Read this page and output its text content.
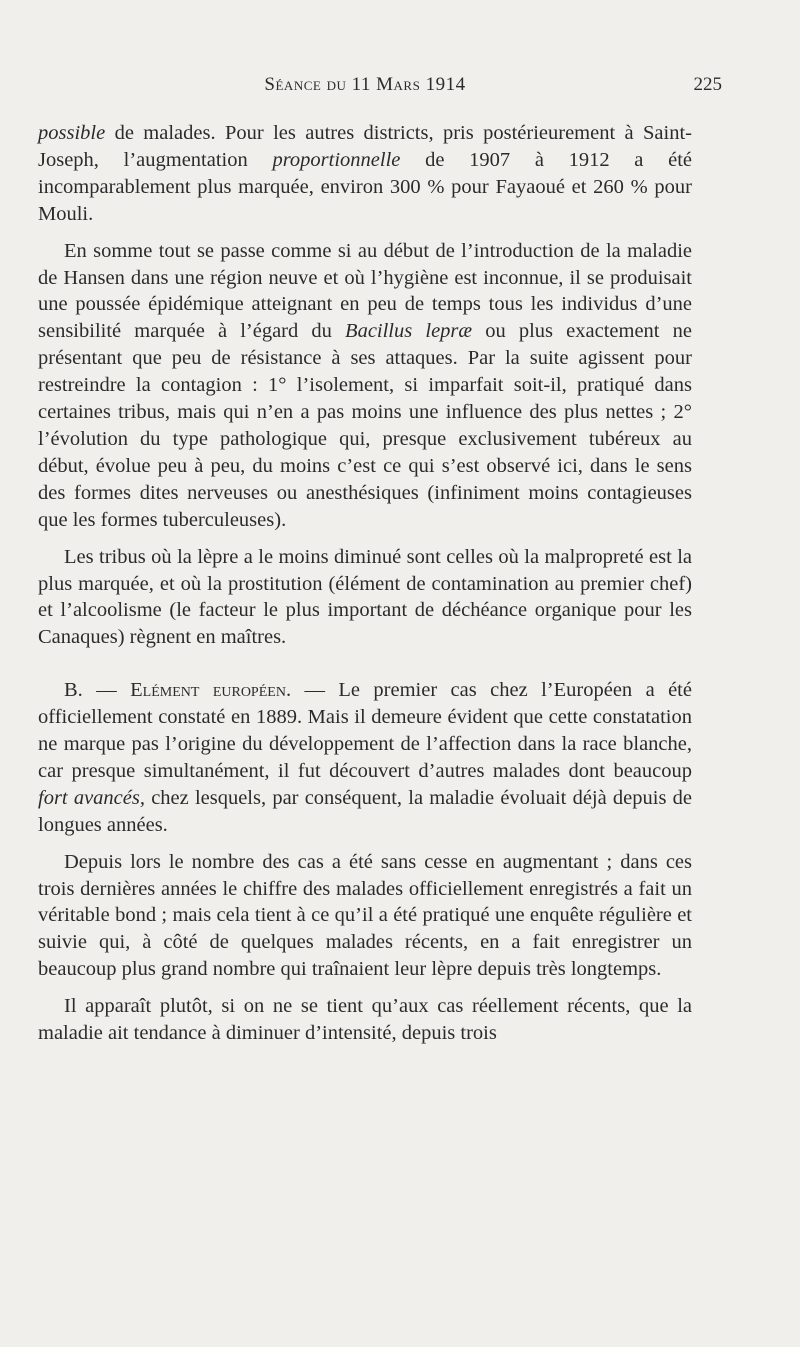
Séance du 11 Mars 1914	225

possible de malades. Pour les autres districts, pris postérieurement à Saint-Joseph, l’augmentation proportionnelle de 1907 à 1912 a été incomparablement plus marquée, environ 300 % pour Fayaoué et 260 % pour Mouli.

En somme tout se passe comme si au début de l’introduction de la maladie de Hansen dans une région neuve et où l’hygiène est inconnue, il se produisait une poussée épidémique atteignant en peu de temps tous les individus d’une sensibilité marquée à l’égard du Bacillus lepræ ou plus exactement ne présentant que peu de résistance à ses attaques. Par la suite agissent pour restreindre la contagion : 1° l’isolement, si imparfait soit-il, pratiqué dans certaines tribus, mais qui n’en a pas moins une influence des plus nettes ; 2° l’évolution du type pathologique qui, presque exclusivement tubéreux au début, évolue peu à peu, du moins c’est ce qui s’est observé ici, dans le sens des formes dites nerveuses ou anesthésiques (infiniment moins contagieuses que les formes tuberculeuses).

Les tribus où la lèpre a le moins diminué sont celles où la malpropreté est la plus marquée, et où la prostitution (élément de contamination au premier chef) et l’alcoolisme (le facteur le plus important de déchéance organique pour les Canaques) règnent en maîtres.

B. — Elément européen. — Le premier cas chez l’Européen a été officiellement constaté en 1889. Mais il demeure évident que cette constatation ne marque pas l’origine du développement de l’affection dans la race blanche, car presque simultanément, il fut découvert d’autres malades dont beaucoup fort avancés, chez lesquels, par conséquent, la maladie évoluait déjà depuis de longues années.

Depuis lors le nombre des cas a été sans cesse en augmentant ; dans ces trois dernières années le chiffre des malades officiellement enregistrés a fait un véritable bond ; mais cela tient à ce qu’il a été pratiqué une enquête régulière et suivie qui, à côté de quelques malades récents, en a fait enregistrer un beaucoup plus grand nombre qui traînaient leur lèpre depuis très longtemps.

Il apparaît plutôt, si on ne se tient qu’aux cas réellement récents, que la maladie ait tendance à diminuer d’intensité, depuis trois
